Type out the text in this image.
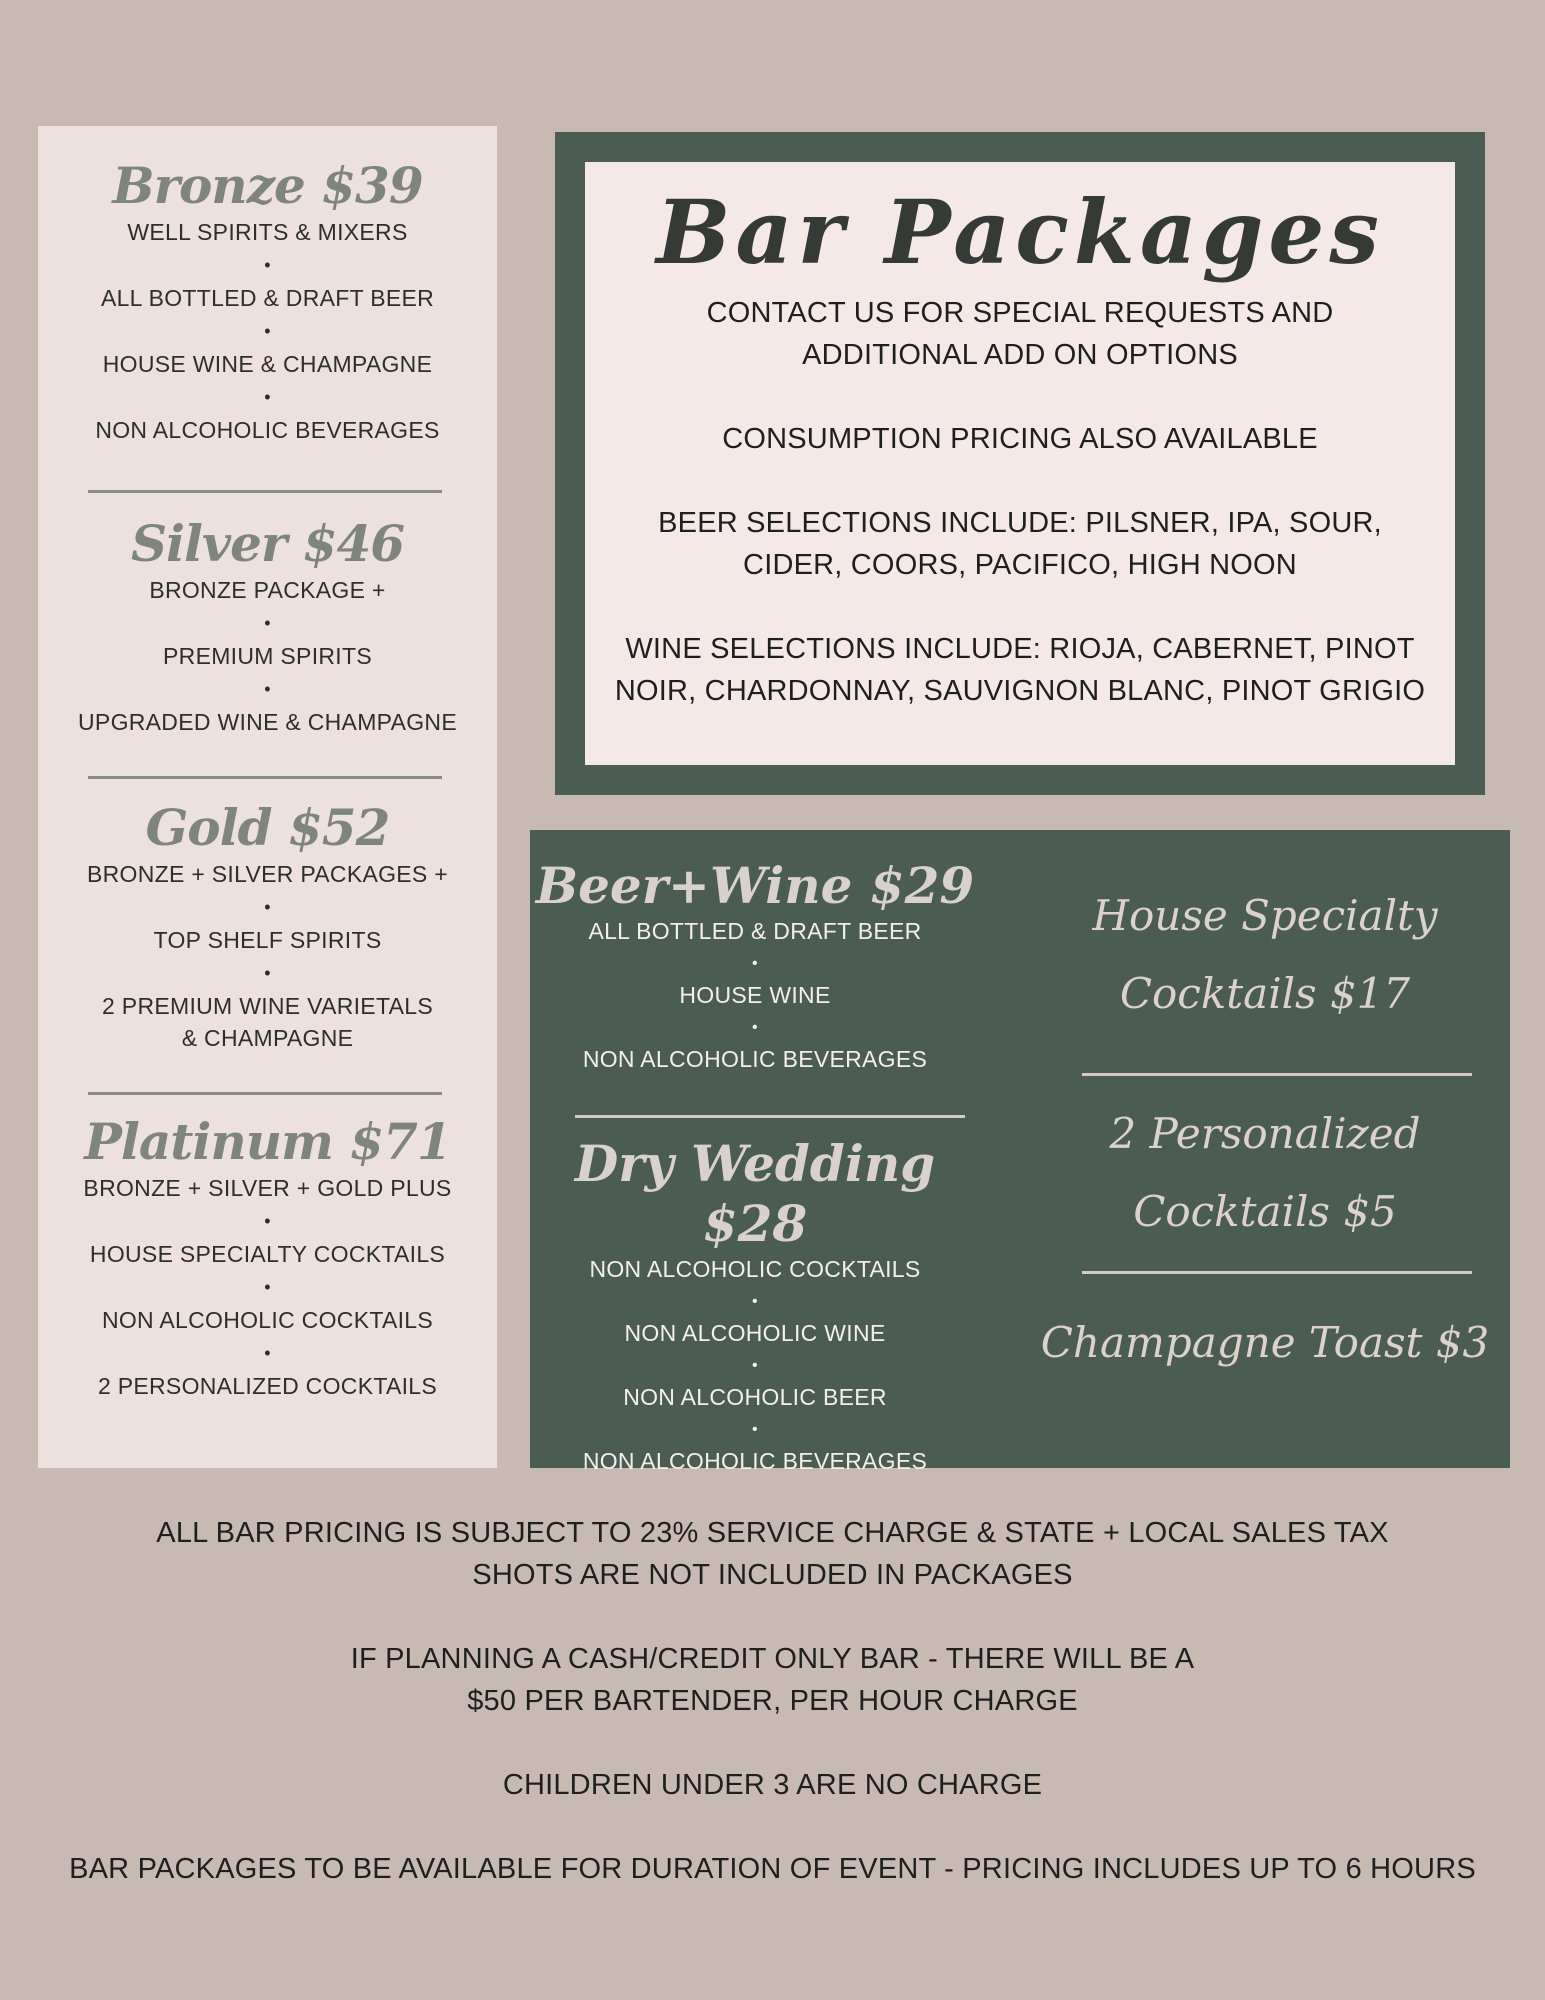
Bronze $39
WELL SPIRITS & MIXERS
•
ALL BOTTLED & DRAFT BEER
•
HOUSE WINE & CHAMPAGNE
•
NON ALCOHOLIC BEVERAGES
Silver $46
BRONZE PACKAGE +
•
PREMIUM SPIRITS
•
UPGRADED WINE & CHAMPAGNE
Gold $52
BRONZE + SILVER PACKAGES +
•
TOP SHELF SPIRITS
•
2 PREMIUM WINE VARIETALS
& CHAMPAGNE
Platinum $71
BRONZE + SILVER + GOLD PLUS
•
HOUSE SPECIALTY COCKTAILS
•
NON ALCOHOLIC COCKTAILS
•
2 PERSONALIZED COCKTAILS
Bar Packages

CONTACT US FOR SPECIAL REQUESTS AND

ADDITIONAL ADD ON OPTIONS

CONSUMPTION PRICING ALSO AVAILABLE

BEER SELECTIONS INCLUDE: PILSNER, IPA, SOUR,

CIDER, COORS, PACIFICO, HIGH NOON

WINE SELECTIONS INCLUDE: RIOJA, CABERNET, PINOT

NOIR, CHARDONNAY, SAUVIGNON BLANC, PINOT GRIGIO

Beer+Wine $29
ALL BOTTLED & DRAFT BEER
•
HOUSE WINE
•
NON ALCOHOLIC BEVERAGES
Dry Wedding $28
NON ALCOHOLIC COCKTAILS
•
NON ALCOHOLIC WINE
•
NON ALCOHOLIC BEER
•
NON ALCOHOLIC BEVERAGES
House Specialty
Cocktails $17
2 Personalized
Cocktails $5
Champagne Toast $3

ALL BAR PRICING IS SUBJECT TO 23% SERVICE CHARGE & STATE + LOCAL SALES TAX

SHOTS ARE NOT INCLUDED IN PACKAGES

IF PLANNING A CASH/CREDIT ONLY BAR - THERE WILL BE A

$50 PER BARTENDER, PER HOUR CHARGE

CHILDREN UNDER 3 ARE NO CHARGE

BAR PACKAGES TO BE AVAILABLE FOR DURATION OF EVENT - PRICING INCLUDES UP TO 6 HOURS
